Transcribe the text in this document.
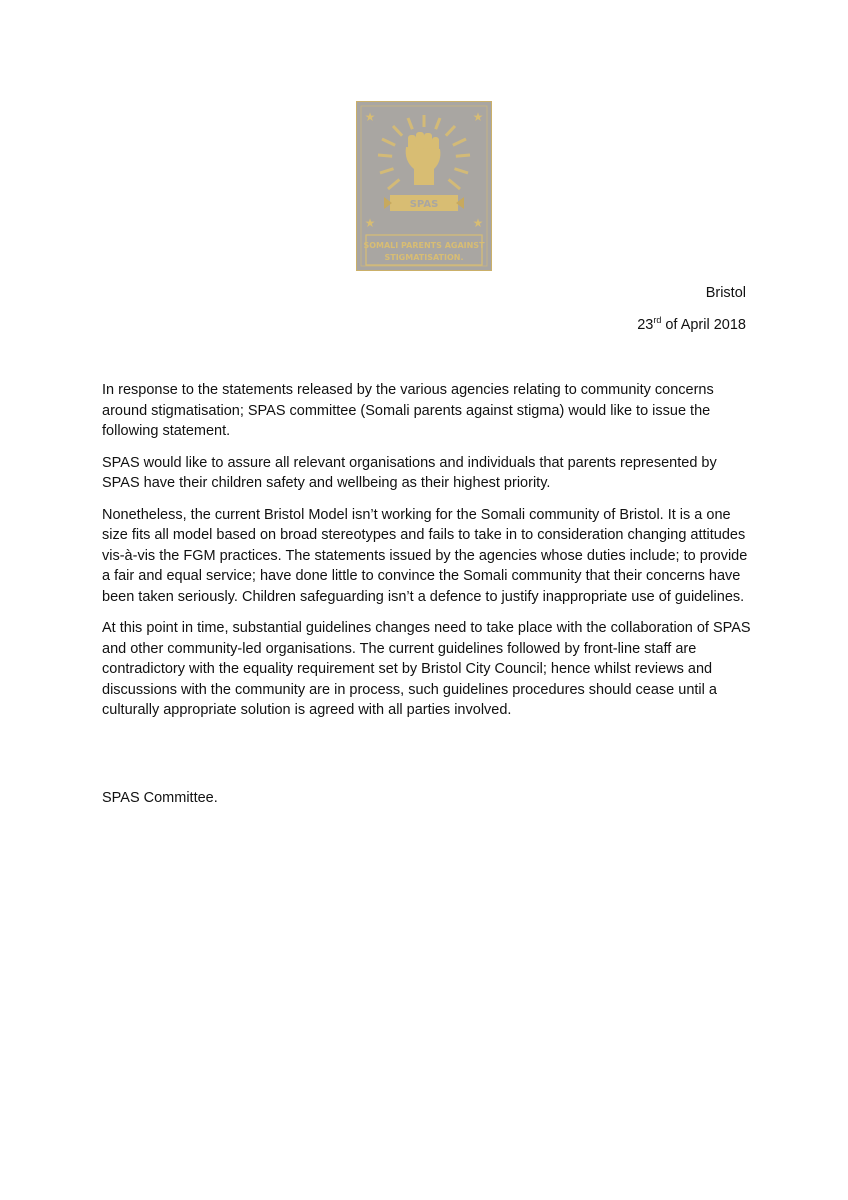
★	★
★	★
SPAS
SOMALI PARENTS AGAINST
STIGMATISATION.
Bristol
23rd of April 2018

In response to the statements released by the various agencies relating to community concerns around stigmatisation; SPAS committee (Somali parents against stigma) would like to issue the following statement.

SPAS would like to assure all relevant organisations and individuals that parents represented by SPAS have their children safety and wellbeing as their highest priority.

Nonetheless, the current Bristol Model isn’t working for the Somali community of Bristol. It is a one size fits all model based on broad stereotypes and fails to take in to consideration changing attitudes vis-à-vis the FGM practices. The statements issued by the agencies whose duties include; to provide a fair and equal service; have done little to convince the Somali community that their concerns have been taken seriously. Children safeguarding isn’t a defence to justify inappropriate use of guidelines.

At this point in time, substantial guidelines changes need to take place with the collaboration of SPAS and other community-led organisations. The current guidelines followed by front-line staff are contradictory with the equality requirement set by Bristol City Council; hence whilst reviews and discussions with the community are in process, such guidelines procedures should cease until a culturally appropriate solution is agreed with all parties involved.

SPAS Committee.
